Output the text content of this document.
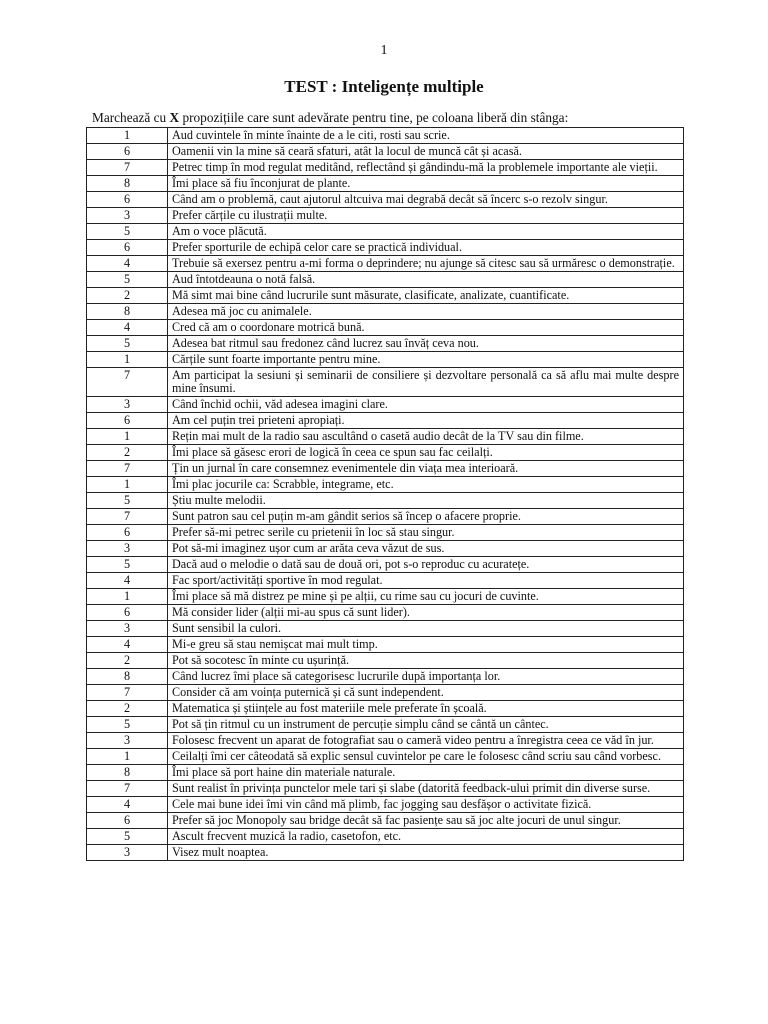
1
TEST : Inteligențe multiple
Marchează cu X propozițiile care sunt adevărate pentru tine, pe coloana liberă din stânga:
1	Aud cuvintele în minte înainte de a le citi, rosti sau scrie.
6	Oamenii vin la mine să ceară sfaturi, atât la locul de muncă cât și acasă.
7	Petrec timp în mod regulat meditând, reflectând și gândindu-mă la problemele importante ale vieții.
8	Îmi place să fiu înconjurat de plante.
6	Când am o problemă, caut ajutorul altcuiva mai degrabă decât să încerc s-o rezolv singur.
3	Prefer cărțile cu ilustrații multe.
5	Am o voce plăcută.
6	Prefer sporturile de echipă celor care se practică individual.
4	Trebuie să exersez pentru a-mi forma o deprindere; nu ajunge să citesc sau să urmăresc o demonstrație.
5	Aud întotdeauna o notă falsă.
2	Mă simt mai bine când lucrurile sunt măsurate, clasificate, analizate, cuantificate.
8	Adesea mă joc cu animalele.
4	Cred că am o coordonare motrică bună.
5	Adesea bat ritmul sau fredonez când lucrez sau învăț ceva nou.
1	Cărțile sunt foarte importante pentru mine.
7	Am participat la sesiuni și seminarii de consiliere și dezvoltare personală ca să aflu mai multe despre mine însumi.
3	Când închid ochii, văd adesea imagini clare.
6	Am cel puțin trei prieteni apropiați.
1	Rețin mai mult de la radio sau ascultând o casetă audio decât de la TV sau din filme.
2	Îmi place să găsesc erori de logică în ceea ce spun sau fac ceilalți.
7	Țin un jurnal în care consemnez evenimentele din viața mea interioară.
1	Îmi plac jocurile ca: Scrabble, integrame, etc.
5	Știu multe melodii.
7	Sunt patron sau cel puțin m-am gândit serios să încep o afacere proprie.
6	Prefer să-mi petrec serile cu prietenii în loc să stau singur.
3	Pot să-mi imaginez ușor cum ar arăta ceva văzut de sus.
5	Dacă aud o melodie o dată sau de două ori, pot s-o reproduc cu acuratețe.
4	Fac sport/activități sportive în mod regulat.
1	Îmi place să mă distrez pe mine și pe alții, cu rime sau cu jocuri de cuvinte.
6	Mă consider lider (alții mi-au spus că sunt lider).
3	Sunt sensibil la culori.
4	Mi-e greu să stau nemișcat mai mult timp.
2	Pot să socotesc în minte cu ușurință.
8	Când lucrez îmi place să categorisesc lucrurile după importanța lor.
7	Consider că am voința puternică și că sunt independent.
2	Matematica și științele au fost materiile mele preferate în școală.
5	Pot să țin ritmul cu un instrument de percuție simplu când se cântă un cântec.
3	Folosesc frecvent un aparat de fotografiat sau o cameră video pentru a înregistra ceea ce văd în jur.
1	Ceilalți îmi cer câteodată să explic sensul cuvintelor pe care le folosesc când scriu sau când vorbesc.
8	Îmi place să port haine din materiale naturale.
7	Sunt realist în privința punctelor mele tari și slabe (datorită feedback-ului primit din diverse surse.
4	Cele mai bune idei îmi vin când mă plimb, fac jogging sau desfășor o activitate fizică.
6	Prefer să joc Monopoly sau bridge decât să fac pasiențe sau să joc alte jocuri de unul singur.
5	Ascult frecvent muzică la radio, casetofon, etc.
3	Visez mult noaptea.
